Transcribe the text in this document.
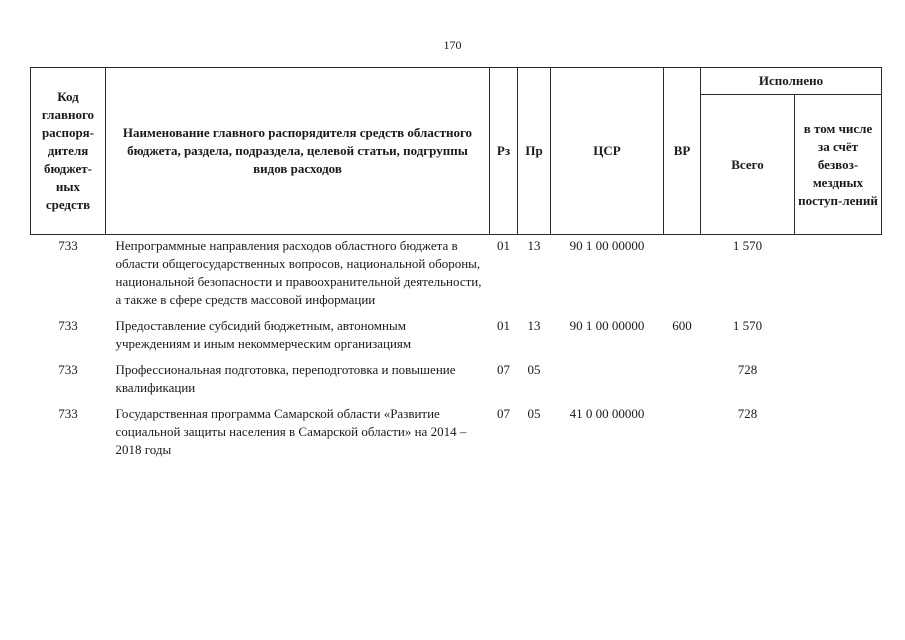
170
Код главного распоря-дителя бюджет-ных средств	Наименование главного распорядителя средств областного бюджета, раздела, подраздела, целевой статьи, подгруппы видов расходов	Рз	Пр	ЦСР	ВР	Исполнено	
						Всего	в том числе за счёт безвоз-мездных поступ-лений
733	Непрограммные направления расходов областного бюджета в области общегосударственных вопросов, национальной обороны, национальной безопасности и правоохранительной деятельности, а также в сфере средств массовой информации	01	13	90 1 00 00000		1 570	
733	Предоставление субсидий бюджетным, автономным учреждениям и иным некоммерческим организациям	01	13	90 1 00 00000	600	1 570	
733	Профессиональная подготовка, переподготовка и повышение квалификации	07	05			728	
733	Государственная программа Самарской области «Развитие социальной защиты населения в Самарской области» на 2014 – 2018 годы	07	05	41 0 00 00000		728	
